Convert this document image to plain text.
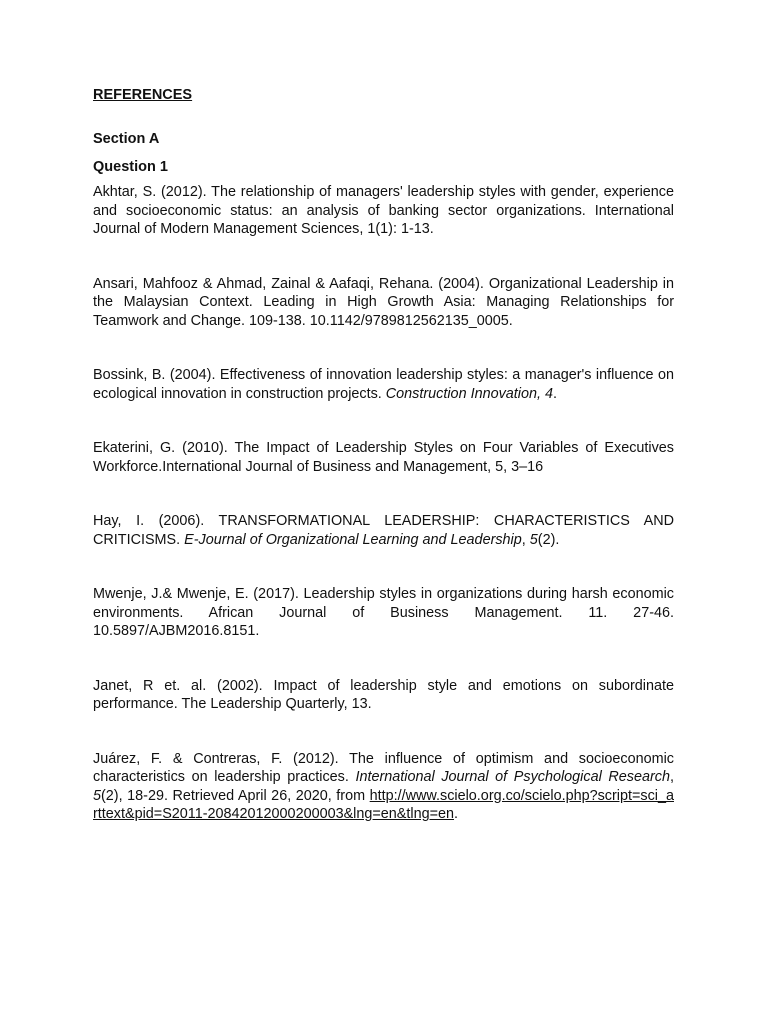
REFERENCES

Section A

Question 1

Akhtar, S. (2012). The relationship of managers' leadership styles with gender, experience and socioeconomic status: an analysis of banking sector organizations. International Journal of Modern Management Sciences, 1(1): 1-13.

Ansari, Mahfooz & Ahmad, Zainal & Aafaqi, Rehana. (2004). Organizational Leadership in the Malaysian Context. Leading in High Growth Asia: Managing Relationships for Teamwork and Change. 109-138. 10.1142/9789812562135_0005.

Bossink, B. (2004). Effectiveness of innovation leadership styles: a manager's influence on ecological innovation in construction projects. Construction Innovation, 4.

Ekaterini, G. (2010). The Impact of Leadership Styles on Four Variables of Executives Workforce.International Journal of Business and Management, 5, 3–16

Hay, I. (2006). TRANSFORMATIONAL LEADERSHIP: CHARACTERISTICS AND CRITICISMS. E-Journal of Organizational Learning and Leadership, 5(2).

Mwenje, J.& Mwenje, E. (2017). Leadership styles in organizations during harsh economic environments. African Journal of Business Management. 11. 27-46. 10.5897/AJBM2016.8151.

Janet, R et. al. (2002). Impact of leadership style and emotions on subordinate performance. The Leadership Quarterly, 13.

Juárez, F. & Contreras, F. (2012). The influence of optimism and socioeconomic characteristics on leadership practices. International Journal of Psychological Research, 5(2), 18-29. Retrieved April 26, 2020, from http://www.scielo.org.co/scielo.php?script=sci_arttext&pid=S2011-20842012000200003&lng=en&tlng=en.
